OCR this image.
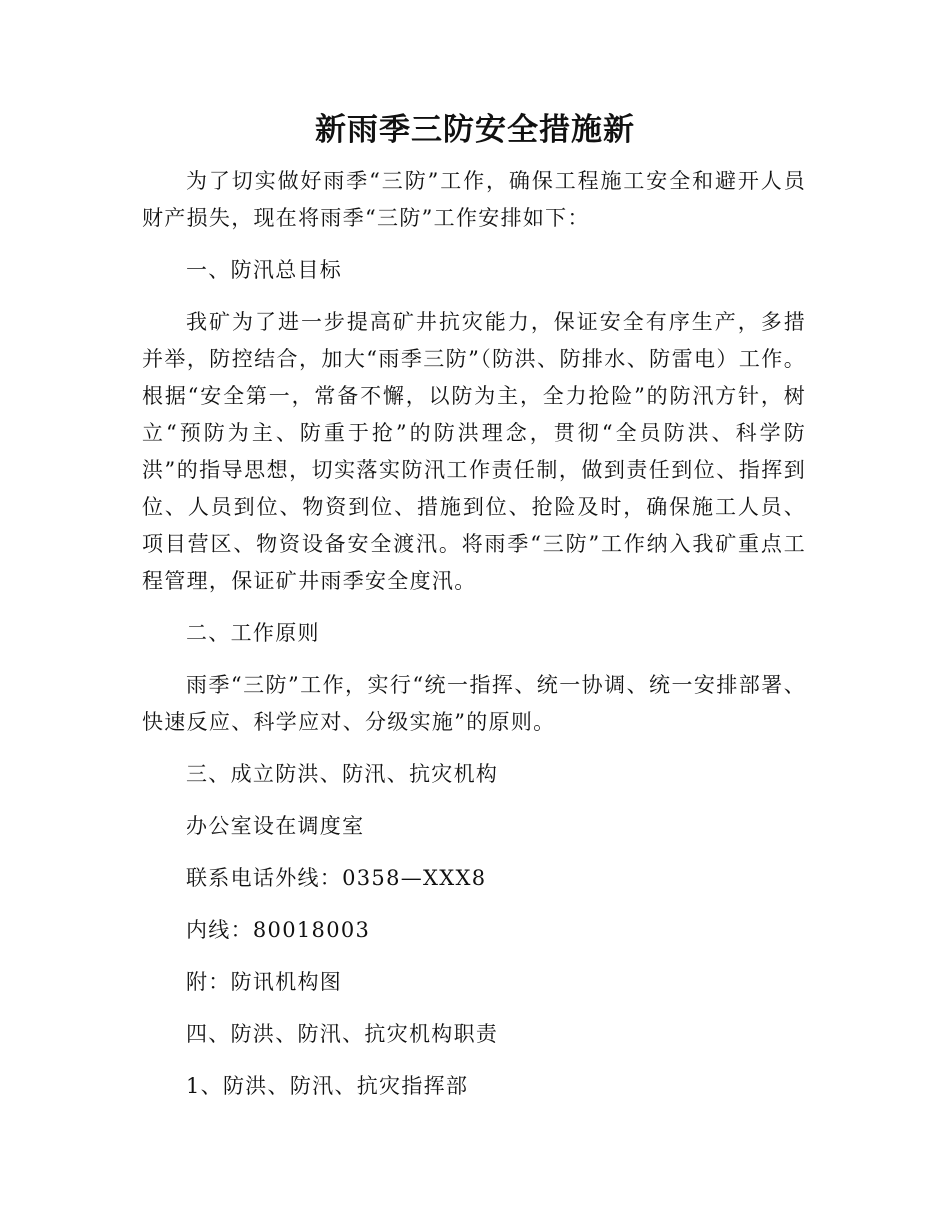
新雨季三防安全措施新

为了切实做好雨季“三防”工作，确保工程施工安全和避开人员财产损失，现在将雨季“三防”工作安排如下：

一、防汛总目标

我矿为了进一步提高矿井抗灾能力，保证安全有序生产，多措并举，防控结合，加大“雨季三防”（防洪、防排水、防雷电）工作。根据“安全第一，常备不懈，以防为主，全力抢险”的防汛方针，树立“预防为主、防重于抢”的防洪理念，贯彻“全员防洪、科学防洪”的指导思想，切实落实防汛工作责任制，做到责任到位、指挥到位、人员到位、物资到位、措施到位、抢险及时，确保施工人员、项目营区、物资设备安全渡汛。将雨季“三防”工作纳入我矿重点工程管理，保证矿井雨季安全度汛。

二、工作原则

雨季“三防”工作，实行“统一指挥、统一协调、统一安排部署、快速反应、科学应对、分级实施”的原则。

三、成立防洪、防汛、抗灾机构

办公室设在调度室

联系电话外线：0358—XXX8

内线：80018003

附：防讯机构图

四、防洪、防汛、抗灾机构职责

1、防洪、防汛、抗灾指挥部
